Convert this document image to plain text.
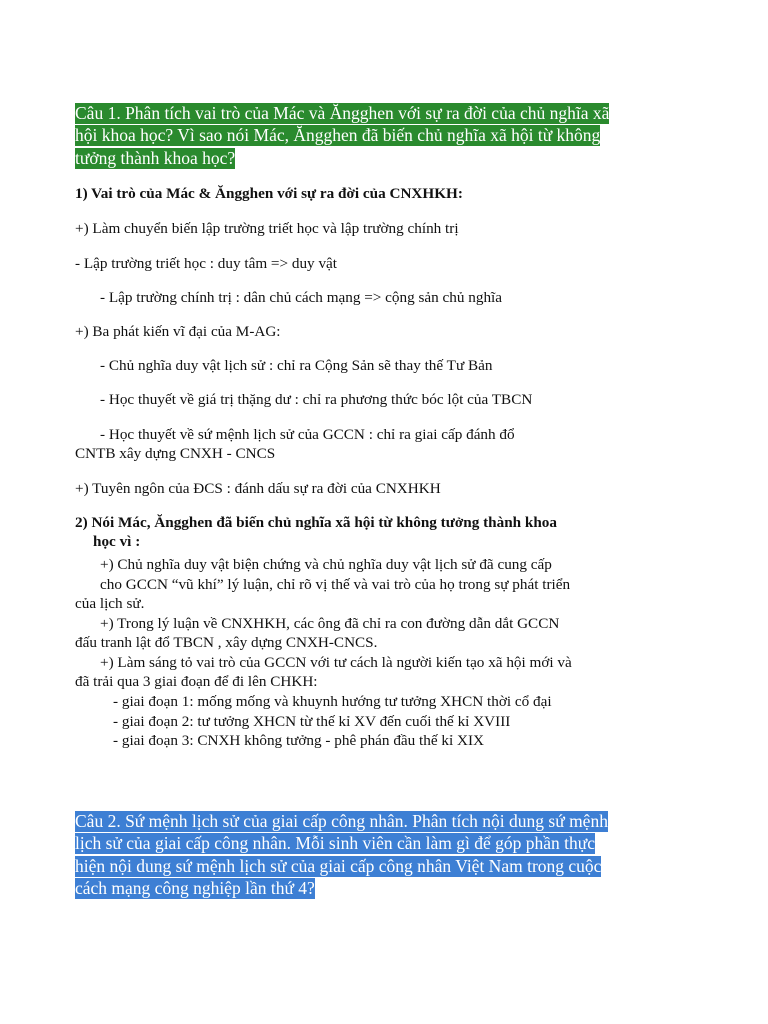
Câu 1. Phân tích vai trò của Mác và Ăngghen với sự ra đời của chủ nghĩa xã hội khoa học? Vì sao nói Mác, Ăngghen đã biến chủ nghĩa xã hội từ không tưởng thành khoa học?
1) Vai trò của Mác & Ăngghen với sự ra đời của CNXHKH:
+) Làm chuyển biến lập trường triết học và lập trường chính trị
- Lập trường triết học : duy tâm => duy vật
- Lập trường chính trị : dân chủ cách mạng => cộng sản chủ nghĩa
+) Ba phát kiến vĩ đại của M-AG:
- Chủ nghĩa duy vật lịch sử : chỉ ra Cộng Sản sẽ thay thế Tư Bản
- Học thuyết về giá trị thặng dư : chỉ ra phương thức bóc lột của TBCN
- Học thuyết về sứ mệnh lịch sử của GCCN : chỉ ra giai cấp đánh đổ
CNTB xây dựng CNXH - CNCS
+) Tuyên ngôn của ĐCS : đánh dấu sự ra đời của CNXHKH
2) Nói Mác, Ăngghen đã biến chủ nghĩa xã hội từ không tưởng thành khoa
học vì :
+) Chủ nghĩa duy vật biện chứng và chủ nghĩa duy vật lịch sử đã cung cấp
cho GCCN “vũ khí” lý luận, chỉ rõ vị thế và vai trò của họ trong sự phát triển
của lịch sử.
+) Trong lý luận về CNXHKH, các ông đã chỉ ra con đường dẫn dắt GCCN
đấu tranh lật đổ TBCN , xây dựng CNXH-CNCS.
+) Làm sáng tỏ vai trò của GCCN với tư cách là người kiến tạo xã hội mới và
đã trải qua 3 giai đoạn để đi lên CHKH:
- giai đoạn 1: mống mống và khuynh hướng tư tưởng XHCN thời cổ đại
- giai đoạn 2: tư tưởng XHCN từ thế kỉ XV đến cuối thế kỉ XVIII
- giai đoạn 3: CNXH không tưởng - phê phán đầu thế kỉ XIX
Câu 2. Sứ mệnh lịch sử của giai cấp công nhân. Phân tích nội dung sứ mệnh lịch sử của giai cấp công nhân. Mỗi sinh viên cần làm gì để góp phần thực hiện nội dung sứ mệnh lịch sử của giai cấp công nhân Việt Nam trong cuộc cách mạng công nghiệp lần thứ 4?
